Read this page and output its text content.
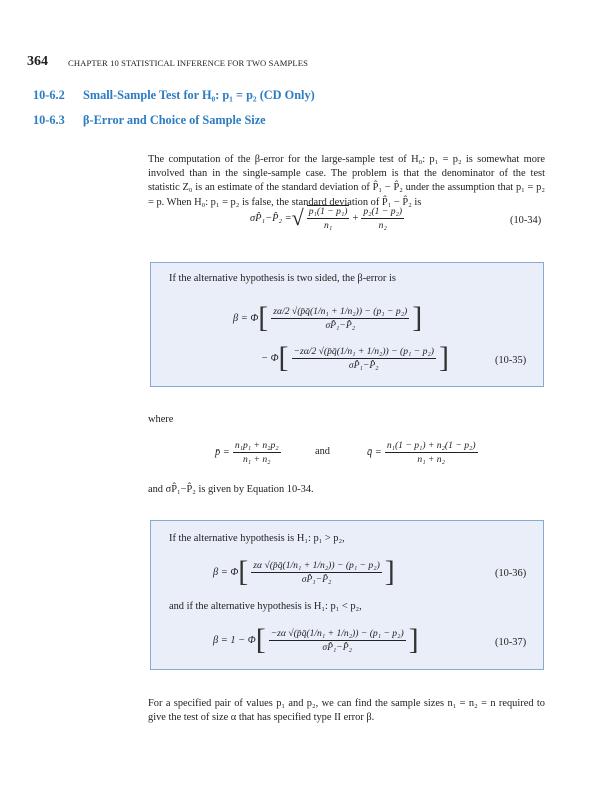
364 CHAPTER 10 STATISTICAL INFERENCE FOR TWO SAMPLES
10-6.2 Small-Sample Test for H₀: p₁ = p₂ (CD Only)
10-6.3 β-Error and Choice of Sample Size
The computation of the β-error for the large-sample test of H₀: p₁ = p₂ is somewhat more involved than in the single-sample case. The problem is that the denominator of the test statistic Z₀ is an estimate of the standard deviation of P̂₁ − P̂₂ under the assumption that p₁ = p₂ = p. When H₀: p₁ = p₂ is false, the standard deviation of P̂₁ − P̂₂ is
σP̂₁−P̂₂ = √ $\frac{\text{p₁(1 − p₁)}}{\text{n₁}} + \frac{\text{p₂(1 − p₂)}}{\text{n₂}}$	(10-34)
If the alternative hypothesis is two sided, the β-error is
β = Φ [ $\frac{\text{zα/2 √(p̄q̄(1/n₁ + 1/n₂)) − (p₁ − p₂)}}{\text{σP̂₁−P̂₂}}$ ]
− Φ [ $\frac{\text{−zα/2 √(p̄q̄(1/n₁ + 1/n₂)) − (p₁ − p₂)}}{\text{σP̂₁−P̂₂}}$ ]	(10-35)
where
p̄ = $\frac{\text{n₁p₁ + n₂p₂}}{\text{n₁ + n₂}}$	and	q̄ = $\frac{\text{n₁(1 − p₁) + n₂(1 − p₂)}}{\text{n₁ + n₂}}$
and σP̂₁−P̂₂ is given by Equation 10-34.
If the alternative hypothesis is H₁: p₁ > p₂,
β = Φ [ $\frac{\text{zα √(p̄q̄(1/n₁ + 1/n₂)) − (p₁ − p₂)}}{\text{σP̂₁−P̂₂}}$ ]	(10-36)
and if the alternative hypothesis is H₁: p₁ < p₂,
β = 1 − Φ [ $\frac{\text{−zα √(p̄q̄(1/n₁ + 1/n₂)) − (p₁ − p₂)}}{\text{σP̂₁−P̂₂}}$ ]	(10-37)
For a specified pair of values p₁ and p₂, we can find the sample sizes n₁ = n₂ = n required to give the test of size α that has specified type II error β.
